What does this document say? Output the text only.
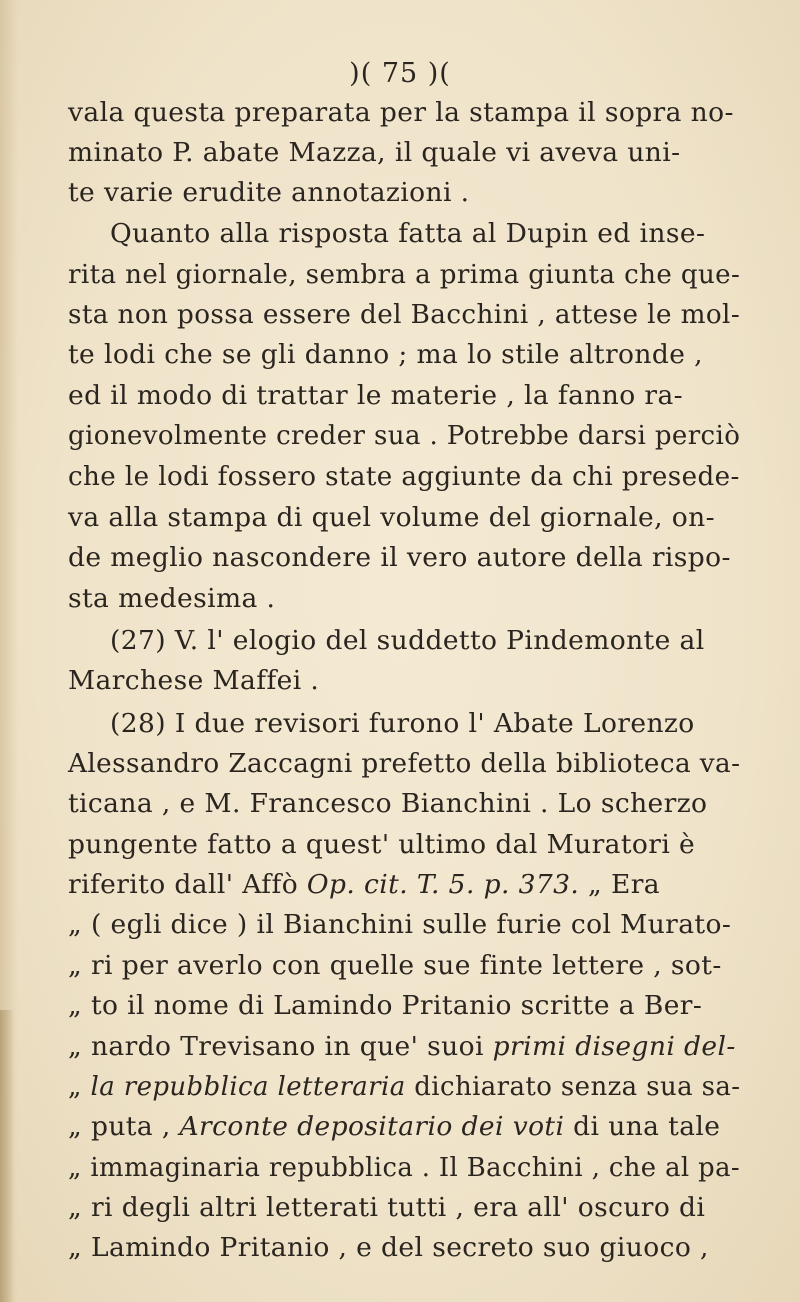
)( 75 )(
vala questa preparata per la stampa il sopra no-
minato P. abate Mazza, il quale vi aveva uni-
te varie erudite annotazioni .
Quanto alla risposta fatta al Dupin ed inse-
rita nel giornale, sembra a prima giunta che que-
sta non possa essere del Bacchini , attese le mol-
te lodi che se gli danno ; ma lo stile altronde ,
ed il modo di trattar le materie , la fanno ra-
gionevolmente creder sua . Potrebbe darsi perciò
che le lodi fossero state aggiunte da chi presede-
va alla stampa di quel volume del giornale, on-
de meglio nascondere il vero autore della rispo-
sta medesima .
(27) V. l' elogio del suddetto Pindemonte al
Marchese Maffei .
(28) I due revisori furono l' Abate Lorenzo
Alessandro Zaccagni prefetto della biblioteca va-
ticana , e M. Francesco Bianchini . Lo scherzo
pungente fatto a quest' ultimo dal Muratori è
riferito dall' Affò Op. cit. T. 5. p. 373. „ Era
„ ( egli dice ) il Bianchini sulle furie col Murato-
„ ri per averlo con quelle sue finte lettere , sot-
„ to il nome di Lamindo Pritanio scritte a Ber-
„ nardo Trevisano in que' suoi primi disegni del-
„ la repubblica letteraria dichiarato senza sua sa-
„ puta , Arconte depositario dei voti di una tale
„ immaginaria repubblica . Il Bacchini , che al pa-
„ ri degli altri letterati tutti , era all' oscuro di
„ Lamindo Pritanio , e del secreto suo giuoco ,
